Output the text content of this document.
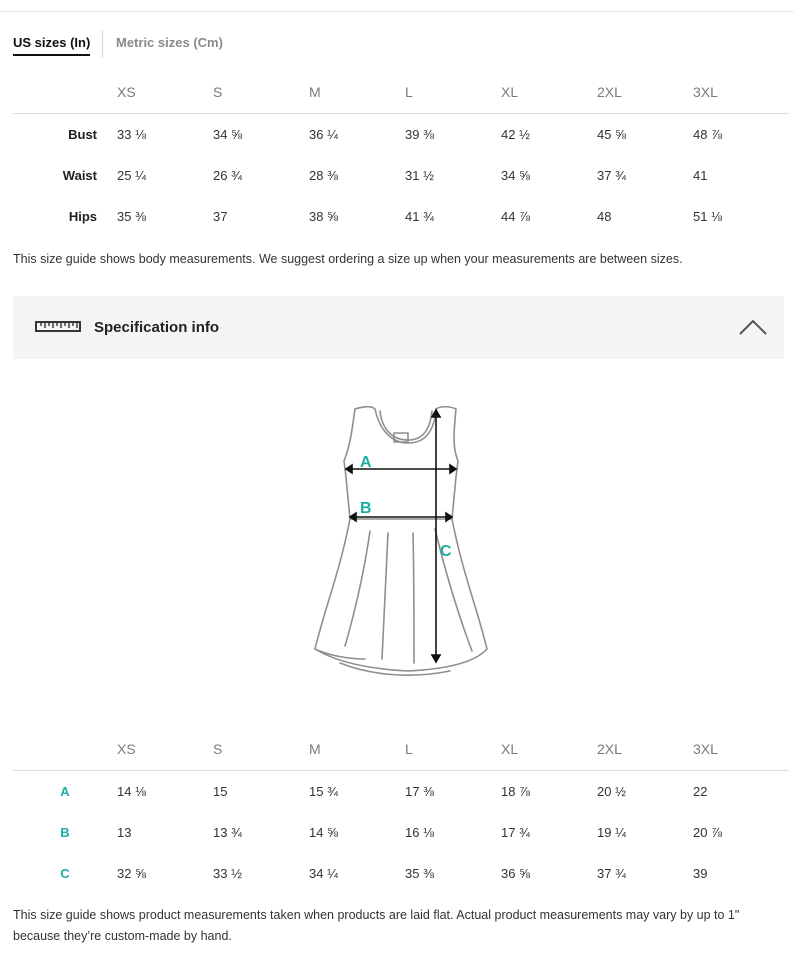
US sizes (In) Metric sizes (Cm)
	XS	S	M	L	XL	2XL	3XL
Bust	33 ⅛	34 ⅝	36 ¼	39 ⅜	42 ½	45 ⅝	48 ⅞
Waist	25 ¼	26 ¾	28 ⅜	31 ½	34 ⅝	37 ¾	41
Hips	35 ⅜	37	38 ⅝	41 ¾	44 ⅞	48	51 ⅛
This size guide shows body measurements. We suggest ordering a size up when your measurements are between sizes.
Specification info
A
B
C
	XS	S	M	L	XL	2XL	3XL
A	14 ⅛	15	15 ¾	17 ⅜	18 ⅞	20 ½	22
B	13	13 ¾	14 ⅝	16 ⅛	17 ¾	19 ¼	20 ⅞
C	32 ⅝	33 ½	34 ¼	35 ⅜	36 ⅝	37 ¾	39
This size guide shows product measurements taken when products are laid flat. Actual product measurements may vary by up to 1" because they’re custom-made by hand.
